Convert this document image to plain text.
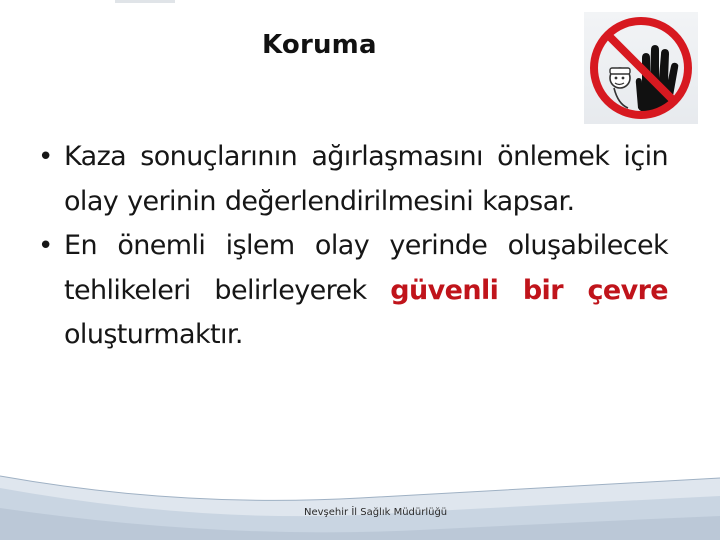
Koruma
• Kaza sonuçlarının ağırlaşmasını önlemek için olay yerinin değerlendirilmesini kapsar.
• En önemli işlem olay yerinde oluşabilecek tehlikeleri belirleyerek güvenli bir çevre oluşturmaktır.
Nevşehir İl Sağlık Müdürlüğü
